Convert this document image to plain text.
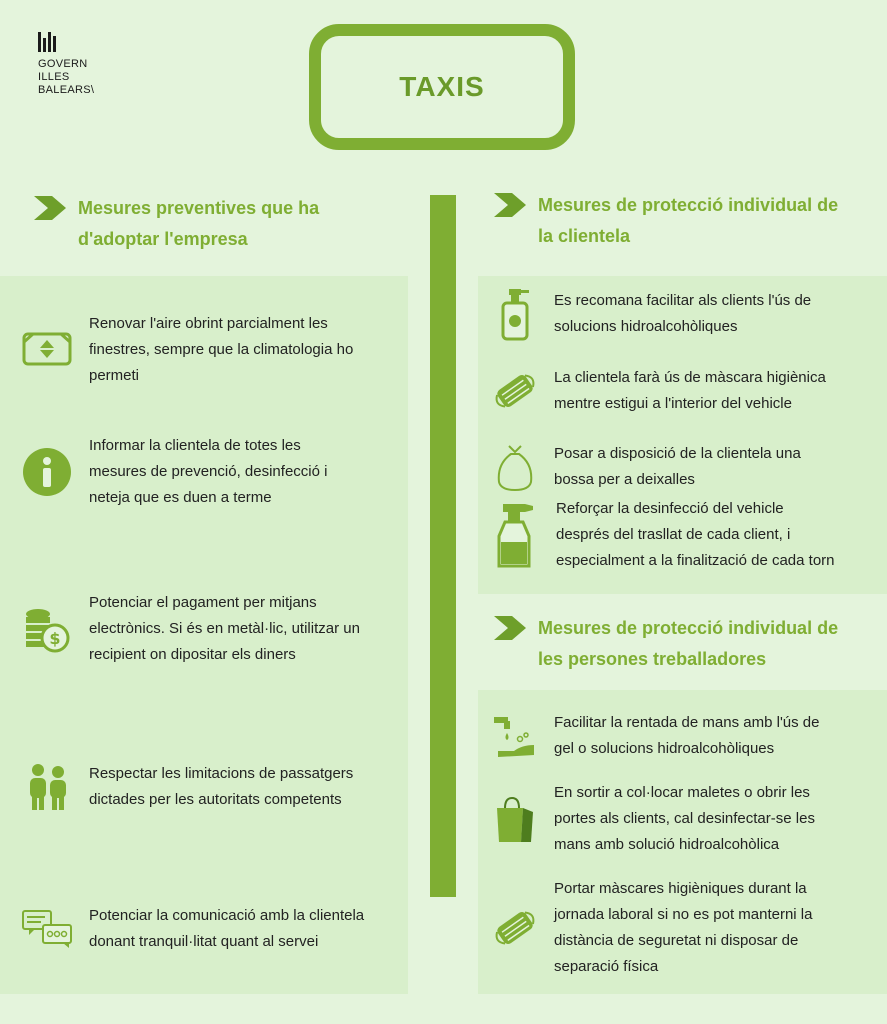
GOVERN
ILLES
BALEARS\	TAXIS
Mesures preventives que ha
d'adoptar l'empresa
Renovar l'aire obrint parcialment les
finestres, sempre que la climatologia ho
permeti
Informar la clientela de totes les
mesures de prevenció, desinfecció i
neteja que es duen a terme
$
Potenciar el pagament per mitjans
electrònics. Si és en metàl·lic, utilitzar un
recipient on dipositar els diners
Respectar les limitacions de passatgers
dictades per les autoritats competents
Potenciar la comunicació amb la clientela
donant tranquil·litat quant al servei
Mesures de protecció individual de
la clientela
Es recomana facilitar als clients l'ús de
solucions hidroalcohòliques
La clientela farà ús de màscara higiènica
mentre estigui a l'interior del vehicle
Posar a disposició de la clientela una
bossa per a deixalles
Reforçar la desinfecció del vehicle
després del trasllat de cada client, i
especialment a la finalització de cada torn
Mesures de protecció individual de
les persones treballadores
Facilitar la rentada de mans amb l'ús de
gel o solucions hidroalcohòliques
En sortir a col·locar maletes o obrir les
portes als clients, cal desinfectar-se les
mans amb solució hidroalcohòlica
Portar màscares higièniques durant la
jornada laboral si no es pot manterni la
distància de seguretat ni disposar de
separació física
